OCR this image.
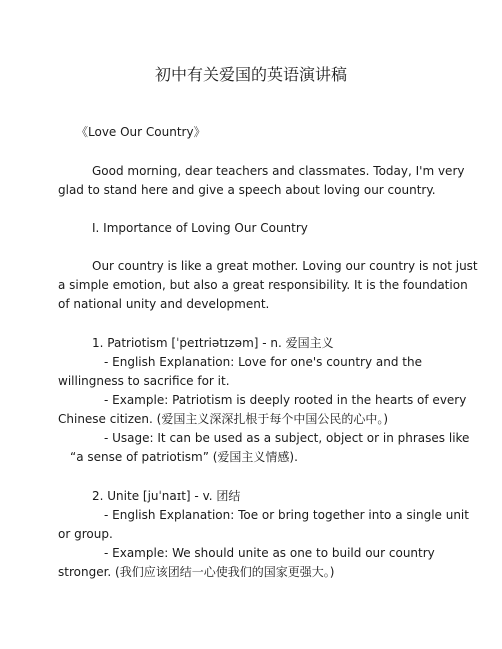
初中有关爱国的英语演讲稿
《Love Our Country》
Good morning, dear teachers and classmates. Today, I'm very
glad to stand here and give a speech about loving our country.
I. Importance of Loving Our Country
Our country is like a great mother. Loving our country is not just
a simple emotion, but also a great responsibility. It is the foundation
of national unity and development.
1. Patriotism [ˈpeɪtriətɪzəm] - n. 爱国主义
- English Explanation: Love for one's country and the
willingness to sacrifice for it.
- Example: Patriotism is deeply rooted in the hearts of every
Chinese citizen. (爱国主义深深扎根于每个中国公民的心中。)
- Usage: It can be used as a subject, object or in phrases like
“a sense of patriotism” (爱国主义情感).
2. Unite [juˈnaɪt] - v. 团结
- English Explanation: Toe or bring together into a single unit
or group.
- Example: We should unite as one to build our country
stronger. (我们应该团结一心使我们的国家更强大。)
